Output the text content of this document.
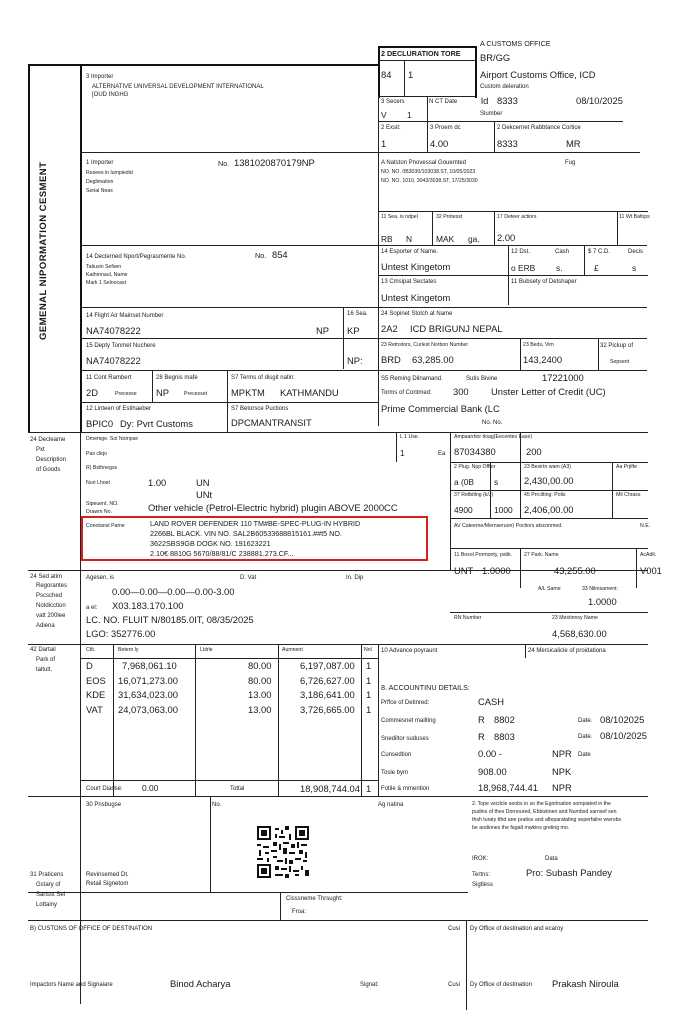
GEMENAL NIPORMATION CESMENT
A CUSTOMS OFFICE
BR/GG
Airport Customs Office, ICD
Custom deleration
2 DECLURATION TORE
84 1
3 Secers
V 1
N CT Date	ld 8333	08/10/2025
Slumber
2 Exsit:
1
3 Proem dc
4.00
2 Dekcernet Rabbtance Cortice
8333	MR
3 Importer
ALTERNATIVE UNIVERSAL DEVELOPMENT INTERNATIONAL
[OUD INGHG
1 Importer	No. 1381020870179NP
Resees in lumpiedid
Deglimation
Serial Neax
A Natston Pnovessal Gouemted	Fug
NO. NO. 0B3030/103038.ST, 10/05/2023
NO. NO. 1010, 3043/3038.ST, 17/25/3030
11 Sea. is ndpel
RB N
32 Protesst
MAK ga.
17 Deteer actiors
2.00
11 Wt Bafops
14 Declerned Nport/Pegrasmente No.	No. 854
Tatiusin Sefsen
Kathmnaul, Name
Mark 1 Selnocast
14 Esporter of Name.
Untest Kingetom
13 Cmsipat Sectates
Untest Kingetom
12 Dst.	Cash	$ 7 C.D.	Decis
o ERB s.	£	s
11 Bubsety of Detshaper
14 Flight Air Mainset Number
NA74078222	NP
16 Sea.
KP
24 Sopinet Stolch at Name
2A2 ICD BRIGUNJ NEPAL
15 Depty Tonmet Nuchere
NA74078222	NP:
23 Retnstors, Curlest Norbon Number
BRD 63,285.00
23 Beds, Vim
143,2400
32 Pickup of
Sepsent
11 Cont Rambert
2D	Precesse
28 Begnis mafe
NP	Precesset
S7 Terms of disgit natin:
MPKTM KATHMANDU
S5 Reming Dilnamand.	Sutis Bivine	17221000
Torms of Contmed: 300 Unster Letter of Credit (UC)
12 Linteen of Estihaeber
BPIC0 Dy: Pvrt Customs
S7 Betorsce Puctions
DPCMANTRANSIT
Prime Commercial Bank (LC
No. No.
24 Decleame
Pxt
Description
of Goods
Dmemge. Sol Nompse
Pas cliqo
R) Bsthnegss
Nuri Lhoet	1.00	UN
UNt
Sipeuent. NO.
Drawm No.	Other vehicle (Petrol-Electric hybrid) plugin ABOVE 2000CC
Conotanst Pame	LAND ROVER DEFENDER 110 TM#BE-SPEC-PLUG-IN HYBRID
2266BL BLACK. VIN NO. SAL2B60533688815161.##t5 NO.
3622SBS9GB DOGK NO. 191623221
2.10€ 8810G 5670/88/81/C 238881.273.CF...
L 1 Use.
1	Ea
Ampaarrtior tioag(Eecentes Ease)
87034380	200
2 Plug. Npp Offfor
a (0B s
23 Besirtn wam (A3)
2,430,00.00
Aa Prjifte
37 Retbitlng (k/J)
4900	1000
45 Prrcilting: Polis
2,406,00.00
Mil Chrass
AV Cateerne/Mernseruon) Poctiors atsconmed.	N.E.
24 Sed atim
Regorantes
Pscsched
Notdicction
vatt 200lee
Adiena
Agesen, is	D. Vat	In. Dip
0.00—0.00—0.00—0.00-3.00
a el: X03.183.170.100
LC. NO. FLUIT N/80185.0IT, 08/35/2025
LGO: 352776.00
11 Bosol Pormonty, pstik.
UNT 1.0000
27 Park. Name
43,255.00
AcAdil.
V001
A/L Same	33 Nilmsament:
1.0000
RN Number	23 Mestinnsy Name
4,568,630.00
42 Dartail
Park of
taltult.
Ctlt.	Betern ly	Lblrle	Aumnent	Nnl
D	7,968,061.10	80.00	6,197,087.00 1
EOS 16,071,273.00	80.00	6,726,627.00 1
KDE 31,634,023.00	13.00	3,186,641.00 1
VAT 24,073,063.00	13.00	3,726,665.00 1
Court Diarlse: 0.00	Tottal	18,908,744.04 1
10 Advance poyraunt	24 Mersicalicle of proidationa
8. ACCOUNTINU DETAILS:
Prffce of Detinred:	CASH
Commesnet mailting	R 8802	Date. 08/102025
Snediltor suduses	R 8803	Date. 08/10/2025
Cunsedtion	0.00 -	NPR Date
Tosle bym	908.00	NPK
Fotile & mmention	18,968,744.41 NPR
30 Pnsbugse	No.	Ag natina	2. Tope vecilcle seobs in so the Egorlnation sompiated in the
pudins of thes Dornoured, Ebbistinen and Numbsd sarnsef sen
thsh turaty tthd ane pratios and afleparatating seperfailre wwrobs
be aodiones the fagalt mwkins greting mo.
IROK:	Data
Tertns:	Pro: Subash Pandey
Sigtless
31 Praticens
Gstary of
Sartsst Sel
Lottainy
Revinsemed Dt.
Retail Signetom
Cisssneme Thrsught:
´Froa:
B) CUSTONS OF OFFICE OF DESTINATION	Cusi Dy Office of destination and ecaroy
Impactors Name and Signaiare	Binod Acharya	Signat:	Cusi Dy Office of destination Prakash Niroula
